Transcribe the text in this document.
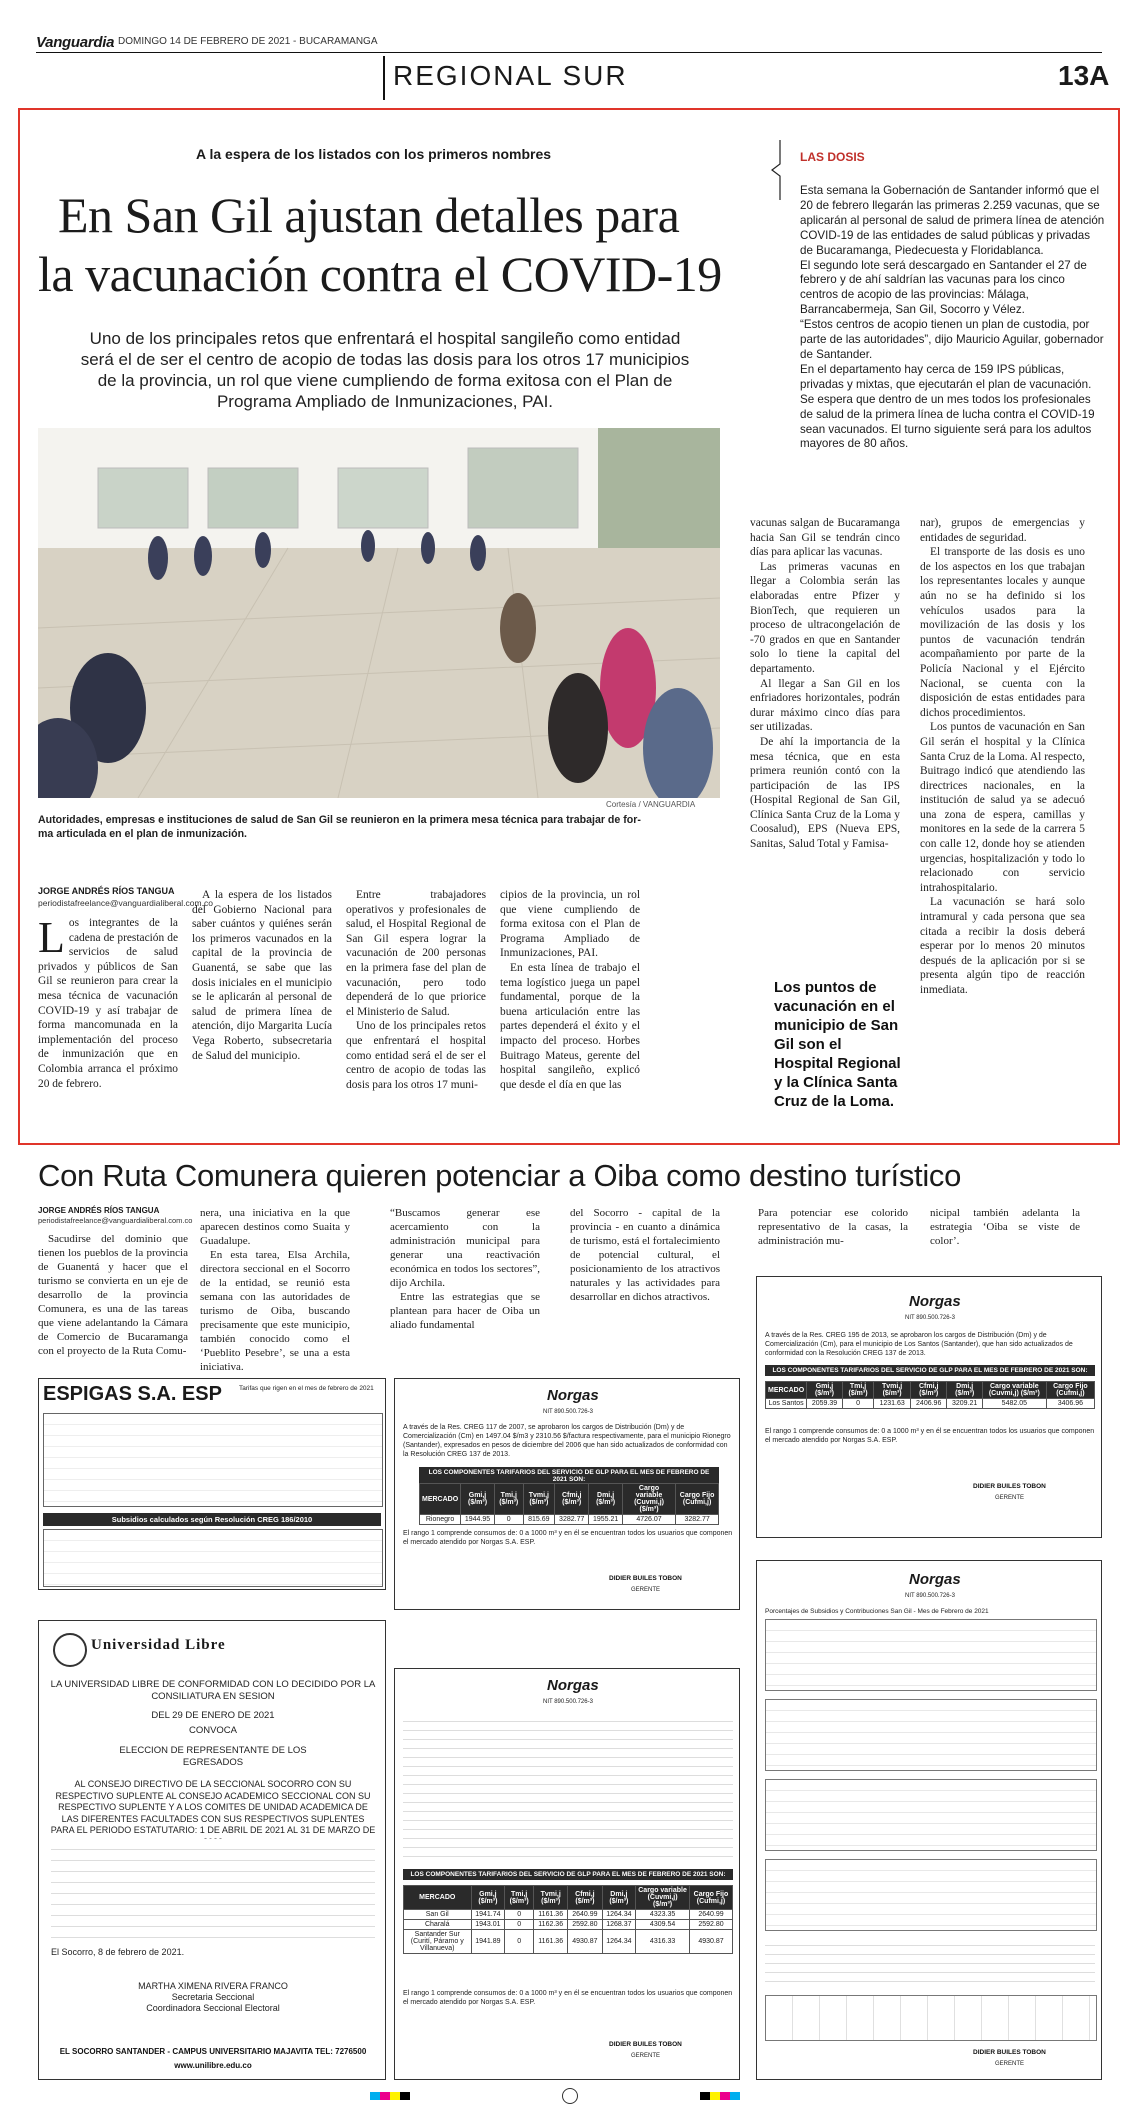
Vanguardia DOMINGO 14 DE FEBRERO DE 2021 - BUCARAMANGA
REGIONAL SUR	13A
A la espera de los listados con los primeros nombres
En San Gil ajustan detalles para
la vacunación contra el COVID-19
Uno de los principales retos que enfrentará el hospital sangileño como entidad
será el de ser el centro de acopio de todas las dosis para los otros 17 municipios
de la provincia, un rol que viene cumpliendo de forma exitosa con el Plan de
Programa Ampliado de Inmunizaciones, PAI.
LAS DOSIS

Esta semana la Gobernación de Santander informó que el 20 de febrero llegarán las primeras 2.259 vacunas, que se aplicarán al personal de salud de primera línea de atención COVID-19 de las entidades de salud públicas y privadas de Bucaramanga, Piedecuesta y Floridablanca.

El segundo lote será descargado en Santander el 27 de febrero y de ahí saldrían las vacunas para los cinco centros de acopio de las provincias: Málaga, Barrancabermeja, San Gil, Socorro y Vélez.

“Estos centros de acopio tienen un plan de custodia, por parte de las autoridades”, dijo Mauricio Aguilar, gobernador de Santander.

En el departamento hay cerca de 159 IPS públicas, privadas y mixtas, que ejecutarán el plan de vacunación.

Se espera que dentro de un mes todos los profesionales de salud de la primera línea de lucha contra el COVID-19 sean vacunados. El turno siguiente será para los adultos mayores de 80 años.

Cortesía / VANGUARDIA
Autoridades, empresas e instituciones de salud de San Gil se reunieron en la primera mesa técnica para trabajar de for-
ma articulada en el plan de inmunización.
JORGE ANDRÉS RÍOS TANGUA
periodistafreelance@vanguardialiberal.com.co
Los integrantes de la cadena de prestación de servicios de salud privados y públicos de San Gil se reunieron para crear la mesa técnica de vacunación COVID-19 y así trabajar de forma mancomunada en la implementación del proceso de inmunización que en Colombia arranca el próximo 20 de febrero.

A la espera de los listados del Gobierno Nacional para saber cuántos y quiénes serán los primeros vacunados en la capital de la provincia de Guanentá, se sabe que las dosis iniciales en el municipio se le aplicarán al personal de salud de primera línea de atención, dijo Margarita Lucía Vega Roberto, subsecretaria de Salud del municipio.

Entre trabajadores operativos y profesionales de salud, el Hospital Regional de San Gil espera lograr la vacunación de 200 personas en la primera fase del plan de vacunación, pero todo dependerá de lo que priorice el Ministerio de Salud.

Uno de los principales retos que enfrentará el hospital como entidad será el de ser el centro de acopio de todas las dosis para los otros 17 muni-

cipios de la provincia, un rol que viene cumpliendo de forma exitosa con el Plan de Programa Ampliado de Inmunizaciones, PAI.

En esta línea de trabajo el tema logístico juega un papel fundamental, porque de la buena articulación entre las partes dependerá el éxito y el impacto del proceso. Horbes Buitrago Mateus, gerente del hospital sangileño, explicó que desde el día en que las

vacunas salgan de Bucaramanga hacia San Gil se tendrán cinco días para aplicar las vacunas.

Las primeras vacunas en llegar a Colombia serán las elaboradas entre Pfizer y BionTech, que requieren un proceso de ultracongelación de -70 grados en que en Santander solo lo tiene la capital del departamento.

Al llegar a San Gil en los enfriadores horizontales, podrán durar máximo cinco días para ser utilizadas.

De ahí la importancia de la mesa técnica, que en esta primera reunión contó con la participación de las IPS (Hospital Regional de San Gil, Clínica Santa Cruz de la Loma y Coosalud), EPS (Nueva EPS, Sanitas, Salud Total y Famisa-

nar), grupos de emergencias y entidades de seguridad.

El transporte de las dosis es uno de los aspectos en los que trabajan los representantes locales y aunque aún no se ha definido si los vehículos usados para la movilización de las dosis y los puntos de vacunación tendrán acompañamiento por parte de la Policía Nacional y el Ejército Nacional, se cuenta con la disposición de estas entidades para dichos procedimientos.

Los puntos de vacunación en San Gil serán el hospital y la Clínica Santa Cruz de la Loma. Al respecto, Buitrago indicó que atendiendo las directrices nacionales, en la institución de salud ya se adecuó una zona de espera, camillas y monitores en la sede de la carrera 5 con calle 12, donde hoy se atienden urgencias, hospitalización y todo lo relacionado con servicio intrahospitalario.

La vacunación se hará solo intramural y cada persona que sea citada a recibir la dosis deberá esperar por lo menos 20 minutos después de la aplicación por si se presenta algún tipo de reacción inmediata.

Los puntos de vacunación en el municipio de San Gil son el Hospital Regional y la Clínica Santa Cruz de la Loma.
Con Ruta Comunera quieren potenciar a Oiba como destino turístico
JORGE ANDRÉS RÍOS TANGUA
periodistafreelance@vanguardialiberal.com.co

Sacudirse del dominio que tienen los pueblos de la provincia de Guanentá y hacer que el turismo se convierta en un eje de desarrollo de la provincia Comunera, es una de las tareas que viene adelantando la Cámara de Comercio de Bucaramanga con el proyecto de la Ruta Comu-

nera, una iniciativa en la que aparecen destinos como Suaita y Guadalupe.

En esta tarea, Elsa Archila, directora seccional en el Socorro de la entidad, se reunió esta semana con las autoridades de turismo de Oiba, buscando precisamente que este municipio, también conocido como el ‘Pueblito Pesebre’, se una a esta iniciativa.

“Buscamos generar ese acercamiento con la administración municipal para generar una reactivación económica en todos los sectores”, dijo Archila.

Entre las estrategias que se plantean para hacer de Oiba un aliado fundamental

del Socorro - capital de la provincia - en cuanto a dinámica de turismo, está el fortalecimiento de potencial cultural, el posicionamiento de los atractivos naturales y las actividades para desarrollar en dichos atractivos.

Para potenciar ese colorido representativo de la casas, la administración mu-

nicipal también adelanta la estrategia ‘Oiba se viste de color’.

ESPIGAS S.A. ESP	Tarifas que rigen en el mes de febrero de 2021
Subsidios calculados según Resolución CREG 186/2010
Universidad Libre
LA UNIVERSIDAD LIBRE DE CONFORMIDAD CON LO DECIDIDO POR LA
CONSILIATURA EN SESION
DEL 29 DE ENERO DE 2021
CONVOCA
ELECCION DE REPRESENTANTE DE LOS
EGRESADOS
AL CONSEJO DIRECTIVO DE LA SECCIONAL SOCORRO CON SU RESPECTIVO SUPLENTE AL CONSEJO ACADEMICO SECCIONAL CON SU RESPECTIVO SUPLENTE Y A LOS COMITES DE UNIDAD ACADEMICA DE LAS DIFERENTES FACULTADES CON SUS RESPECTIVOS SUPLENTES PARA EL PERIODO ESTATUTARIO: 1 DE ABRIL DE 2021 AL 31 DE MARZO DE
El Socorro, 8 de febrero de 2021.
MARTHA XIMENA RIVERA FRANCO
Secretaria Seccional
Coordinadora Seccional Electoral
EL SOCORRO SANTANDER - CAMPUS UNIVERSITARIO MAJAVITA TEL: 7276500
www.unilibre.edu.co
Norgas
NIT 890.500.726-3
A través de la Res. CREG 117 de 2007, se aprobaron los cargos de Distribución (Dm) y de Comercialización (Cm) en 1497.04 $/m3 y 2310.56 $/factura respectivamente, para el municipio Rionegro (Santander), expresados en pesos de diciembre del 2006 que han sido actualizados de conformidad con la Resolución CREG 137 de 2013.
LOS COMPONENTES TARIFARIOS DEL SERVICIO DE GLP PARA EL MES DE FEBRERO DE 2021 SON:
MERCADO	Gmi,j ($/m³)	Tmi,j ($/m³)	Tvmi,j ($/m³)	Cfmi,j ($/m³)	Dmi,j ($/m³)	Cargo variable (Cuvmi,j) ($/m³)	Cargo Fijo (Cufmi,j)
Rionegro	1944.95	0	815.69	3282.77	1955.21	4726.07	3282.77
El rango 1 comprende consumos de: 0 a 1000 m³ y en él se encuentran todos los usuarios que componen el mercado atendido por Norgas S.A. ESP.
DIDIER BUILES TOBON
GERENTE
Norgas
NIT 890.500.726-3
LOS COMPONENTES TARIFARIOS DEL SERVICIO DE GLP PARA EL MES DE FEBRERO DE 2021 SON:
MERCADO	Gmi,j ($/m³)	Tmi,j ($/m³)	Tvmi,j ($/m³)	Cfmi,j ($/m³)	Dmi,j ($/m³)	Cargo variable (Cuvmi,j) ($/m³)	Cargo Fijo (Cufmi,j)
San Gil	1941.74	0	1161.36	2640.99	1264.34	4323.35	2640.99
Charalá	1943.01	0	1162.36	2592.80	1268.37	4309.54	2592.80
Santander Sur (Curití, Páramo y Villanueva)	1941.89	0	1161.36	4930.87	1264.34	4316.33	4930.87
El rango 1 comprende consumos de: 0 a 1000 m³ y en él se encuentran todos los usuarios que componen el mercado atendido por Norgas S.A. ESP.
DIDIER BUILES TOBON
GERENTE
Norgas
NIT 890.500.726-3
A través de la Res. CREG 195 de 2013, se aprobaron los cargos de Distribución (Dm) y de Comercialización (Cm), para el municipio de Los Santos (Santander), que han sido actualizados de conformidad con la Resolución CREG 137 de 2013.
LOS COMPONENTES TARIFARIOS DEL SERVICIO DE GLP PARA EL MES DE FEBRERO DE 2021 SON:
MERCADO	Gmi,j ($/m³)	Tmi,j ($/m³)	Tvmi,j ($/m³)	Cfmi,j ($/m³)	Dmi,j ($/m³)	Cargo variable (Cuvmi,j) ($/m³)	Cargo Fijo (Cufmi,j)
Los Santos	2059.39	0	1231.63	2406.96	3209.21	5482.05	3406.96
El rango 1 comprende consumos de: 0 a 1000 m³ y en él se encuentran todos los usuarios que componen el mercado atendido por Norgas S.A. ESP.
DIDIER BUILES TOBON
GERENTE
Norgas
NIT 890.500.726-3
Porcentajes de Subsidios y Contribuciones San Gil - Mes de Febrero de 2021
DIDIER BUILES TOBON
GERENTE
